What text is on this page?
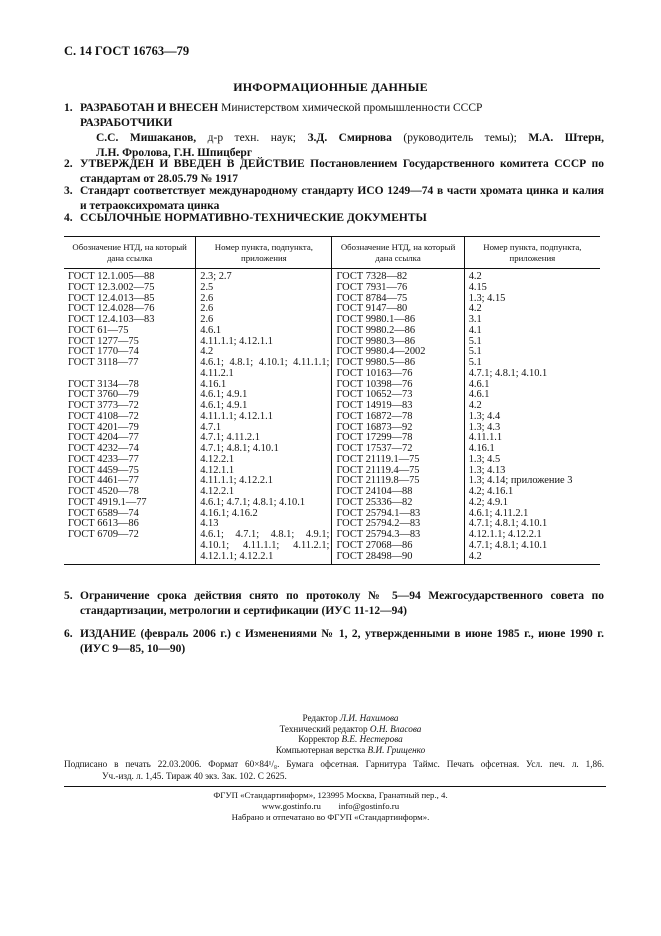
С. 14 ГОСТ 16763—79
ИНФОРМАЦИОННЫЕ ДАННЫЕ
1. РАЗРАБОТАН И ВНЕСЕН Министерством химической промышленности СССР
РАЗРАБОТЧИКИ
С.С. Мишаканов, д-р техн. наук; З.Д. Смирнова (руководитель темы); М.А. Штерн,
Л.Н. Фролова, Г.Н. Шпицберг
2. УТВЕРЖДЕН И ВВЕДЕН В ДЕЙСТВИЕ Постановлением Государственного комитета СССР по стандартам от 28.05.79 № 1917
3. Стандарт соответствует международному стандарту ИСО 1249—74 в части хромата цинка и калия и тетраоксихромата цинка
4. ССЫЛОЧНЫЕ НОРМАТИВНО-ТЕХНИЧЕСКИЕ ДОКУМЕНТЫ
Обозначение НТД, на который дана ссылка	Номер пункта, подпункта, приложения	Обозначение НТД, на который дана ссылка	Номер пункта, подпункта, приложения
ГОСТ 12.1.005—88	2.3; 2.7	ГОСТ 7328—82	4.2
ГОСТ 12.3.002—75	2.5	ГОСТ 7931—76	4.15
ГОСТ 12.4.013—85	2.6	ГОСТ 8784—75	1.3; 4.15
ГОСТ 12.4.028—76	2.6	ГОСТ 9147—80	4.2
ГОСТ 12.4.103—83	2.6	ГОСТ 9980.1—86	3.1
ГОСТ 61—75	4.6.1	ГОСТ 9980.2—86	4.1
ГОСТ 1277—75	4.11.1.1; 4.12.1.1	ГОСТ 9980.3—86	5.1
ГОСТ 1770—74	4.2	ГОСТ 9980.4—2002	5.1
ГОСТ 3118—77	4.6.1; 4.8.1; 4.10.1; 4.11.1.1;	ГОСТ 9980.5—86	5.1
	4.11.2.1	ГОСТ 10163—76	4.7.1; 4.8.1; 4.10.1
ГОСТ 3134—78	4.16.1	ГОСТ 10398—76	4.6.1
ГОСТ 3760—79	4.6.1; 4.9.1	ГОСТ 10652—73	4.6.1
ГОСТ 3773—72	4.6.1; 4.9.1	ГОСТ 14919—83	4.2
ГОСТ 4108—72	4.11.1.1; 4.12.1.1	ГОСТ 16872—78	1.3; 4.4
ГОСТ 4201—79	4.7.1	ГОСТ 16873—92	1.3; 4.3
ГОСТ 4204—77	4.7.1; 4.11.2.1	ГОСТ 17299—78	4.11.1.1
ГОСТ 4232—74	4.7.1; 4.8.1; 4.10.1	ГОСТ 17537—72	4.16.1
ГОСТ 4233—77	4.12.2.1	ГОСТ 21119.1—75	1.3; 4.5
ГОСТ 4459—75	4.12.1.1	ГОСТ 21119.4—75	1.3; 4.13
ГОСТ 4461—77	4.11.1.1; 4.12.2.1	ГОСТ 21119.8—75	1.3; 4.14; приложение 3
ГОСТ 4520—78	4.12.2.1	ГОСТ 24104—88	4.2; 4.16.1
ГОСТ 4919.1—77	4.6.1; 4.7.1; 4.8.1; 4.10.1	ГОСТ 25336—82	4.2; 4.9.1
ГОСТ 6589—74	4.16.1; 4.16.2	ГОСТ 25794.1—83	4.6.1; 4.11.2.1
ГОСТ 6613—86	4.13	ГОСТ 25794.2—83	4.7.1; 4.8.1; 4.10.1
ГОСТ 6709—72	4.6.1; 4.7.1; 4.8.1; 4.9.1;	ГОСТ 25794.3—83	4.12.1.1; 4.12.2.1
	4.10.1; 4.11.1.1; 4.11.2.1;	ГОСТ 27068—86	4.7.1; 4.8.1; 4.10.1
	4.12.1.1; 4.12.2.1	ГОСТ 28498—90	4.2
5. Ограничение срока действия снято по протоколу № 5—94 Межгосударственного совета по стандартизации, метрологии и сертификации (ИУС 11-12—94)
6. ИЗДАНИЕ (февраль 2006 г.) с Изменениями № 1, 2, утвержденными в июне 1985 г., июне 1990 г. (ИУС 9—85, 10—90)
Редактор Л.И. Нахимова
Технический редактор О.Н. Власова
Корректор В.Е. Нестерова
Компьютерная верстка В.И. Грищенко
Подписано в печать 22.03.2006. Формат 60×84¹/₈. Бумага офсетная. Гарнитура Таймс. Печать офсетная. Усл. печ. л. 1,86.
Уч.-изд. л. 1,45. Тираж 40 экз. Зак. 102. С 2625.
ФГУП «Стандартинформ», 123995 Москва, Гранатный пер., 4.
www.gostinfo.ru info@gostinfo.ru
Набрано и отпечатано во ФГУП «Стандартинформ».
